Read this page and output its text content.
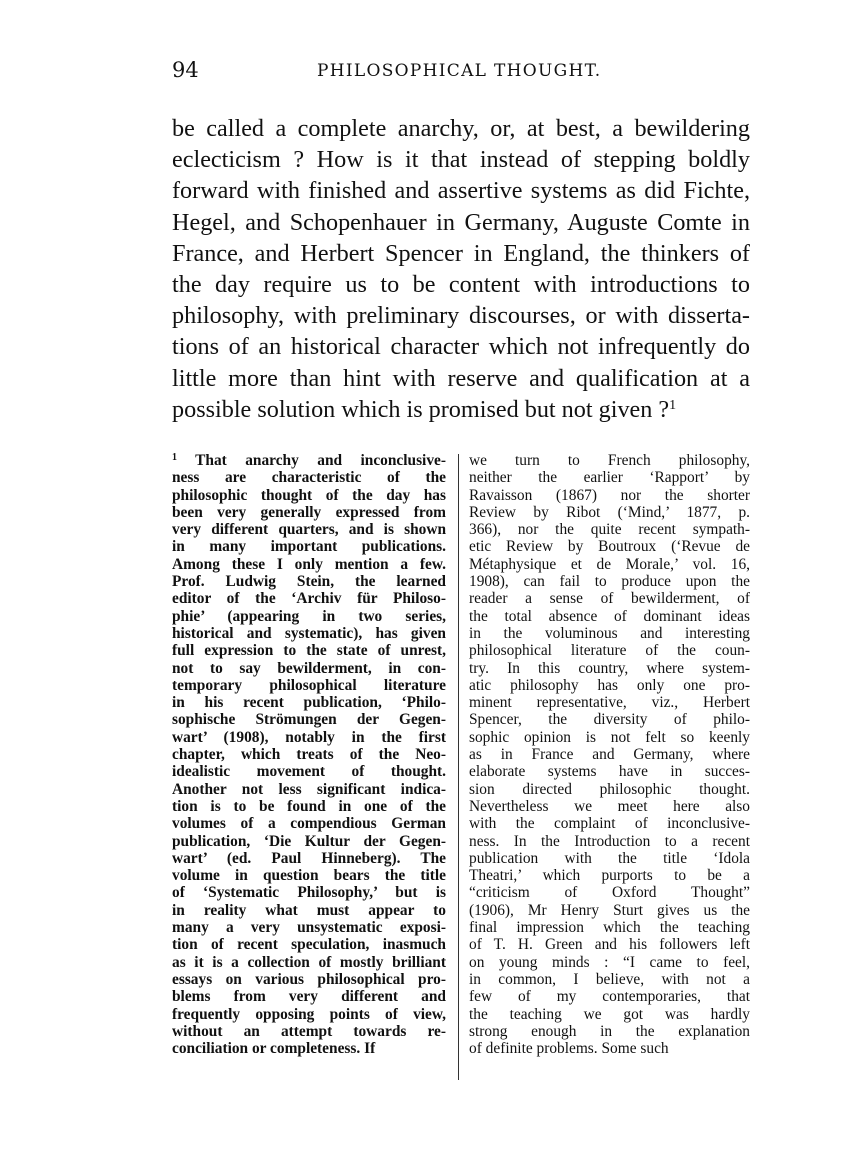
94	PHILOSOPHICAL THOUGHT.
be called a complete anarchy, or, at best, a bewildering
eclecticism ? How is it that instead of stepping boldly
forward with finished and assertive systems as did Fichte,
Hegel, and Schopenhauer in Germany, Auguste Comte in
France, and Herbert Spencer in England, the thinkers of
the day require us to be content with introductions to
philosophy, with preliminary discourses, or with disserta-
tions of an historical character which not infrequently do
little more than hint with reserve and qualification at a
possible solution which is promised but not given ?$^1$
$^1$ That anarchy and inconclusive-
ness are characteristic of the
philosophic thought of the day has
been very generally expressed from
very different quarters, and is shown
in many important publications.
Among these I only mention a few.
Prof. Ludwig Stein, the learned
editor of the ‘Archiv für Philoso-
phie’ (appearing in two series,
historical and systematic), has given
full expression to the state of unrest,
not to say bewilderment, in con-
temporary philosophical literature
in his recent publication, ‘Philo-
sophische Strömungen der Gegen-
wart’ (1908), notably in the first
chapter, which treats of the Neo-
idealistic movement of thought.
Another not less significant indica-
tion is to be found in one of the
volumes of a compendious German
publication, ‘Die Kultur der Gegen-
wart’ (ed. Paul Hinneberg). The
volume in question bears the title
of ‘Systematic Philosophy,’ but is
in reality what must appear to
many a very unsystematic exposi-
tion of recent speculation, inasmuch
as it is a collection of mostly brilliant
essays on various philosophical pro-
blems from very different and
frequently opposing points of view,
without an attempt towards re-
conciliation or completeness. If
we turn to French philosophy,
neither the earlier ‘Rapport’ by
Ravaisson (1867) nor the shorter
Review by Ribot (‘Mind,’ 1877, p.
366), nor the quite recent sympath-
etic Review by Boutroux (‘Revue de
Métaphysique et de Morale,’ vol. 16,
1908), can fail to produce upon the
reader a sense of bewilderment, of
the total absence of dominant ideas
in the voluminous and interesting
philosophical literature of the coun-
try. In this country, where system-
atic philosophy has only one pro-
minent representative, viz., Herbert
Spencer, the diversity of philo-
sophic opinion is not felt so keenly
as in France and Germany, where
elaborate systems have in succes-
sion directed philosophic thought.
Nevertheless we meet here also
with the complaint of inconclusive-
ness. In the Introduction to a recent
publication with the title ‘Idola
Theatri,’ which purports to be a
“criticism of Oxford Thought”
(1906), Mr Henry Sturt gives us the
final impression which the teaching
of T. H. Green and his followers left
on young minds : “I came to feel,
in common, I believe, with not a
few of my contemporaries, that
the teaching we got was hardly
strong enough in the explanation
of definite problems. Some such
